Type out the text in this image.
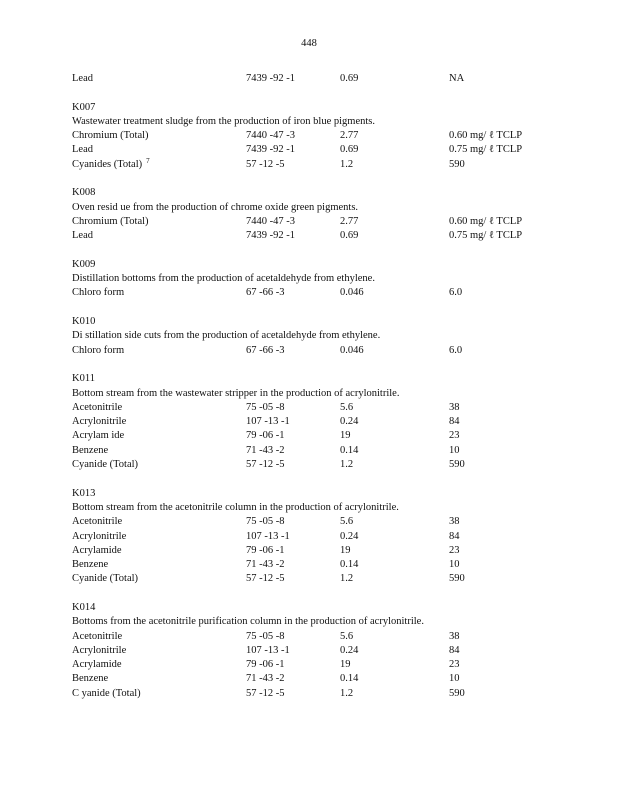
448
Lead	7439 -92 -1	0.69	NA
K007
Wastewater treatment sludge from the production of iron blue pigments.
Chromium (Total)	7440 -47 -3	2.77	0.60 mg/ ℓ TCLP
Lead	7439 -92 -1	0.69	0.75 mg/ ℓ TCLP
Cyanides (Total) $^7$	57 -12 -5	1.2	590
K008
Oven resid ue from the production of chrome oxide green pigments.
Chromium (Total)	7440 -47 -3	2.77	0.60 mg/ ℓ TCLP
Lead	7439 -92 -1	0.69	0.75 mg/ ℓ TCLP
K009
Distillation bottoms from the production of acetaldehyde from ethylene.
Chloro form	67 -66 -3	0.046	6.0
K010
Di stillation side cuts from the production of acetaldehyde from ethylene.
Chloro form	67 -66 -3	0.046	6.0
K011
Bottom stream from the wastewater stripper in the production of acrylonitrile.
Acetonitrile	75 -05 -8	5.6	38
Acrylonitrile	107 -13 -1	0.24	84
Acrylam ide	79 -06 -1	19	23
Benzene	71 -43 -2	0.14	10
Cyanide (Total)	57 -12 -5	1.2	590
K013
Bottom stream from the acetonitrile column in the production of acrylonitrile.
Acetonitrile	75 -05 -8	5.6	38
Acrylonitrile	107 -13 -1	0.24	84
Acrylamide	79 -06 -1	19	23
Benzene	71 -43 -2	0.14	10
Cyanide (Total)	57 -12 -5	1.2	590
K014
Bottoms from the acetonitrile purification column in the production of acrylonitrile.
Acetonitrile	75 -05 -8	5.6	38
Acrylonitrile	107 -13 -1	0.24	84
Acrylamide	79 -06 -1	19	23
Benzene	71 -43 -2	0.14	10
C yanide (Total)	57 -12 -5	1.2	590
